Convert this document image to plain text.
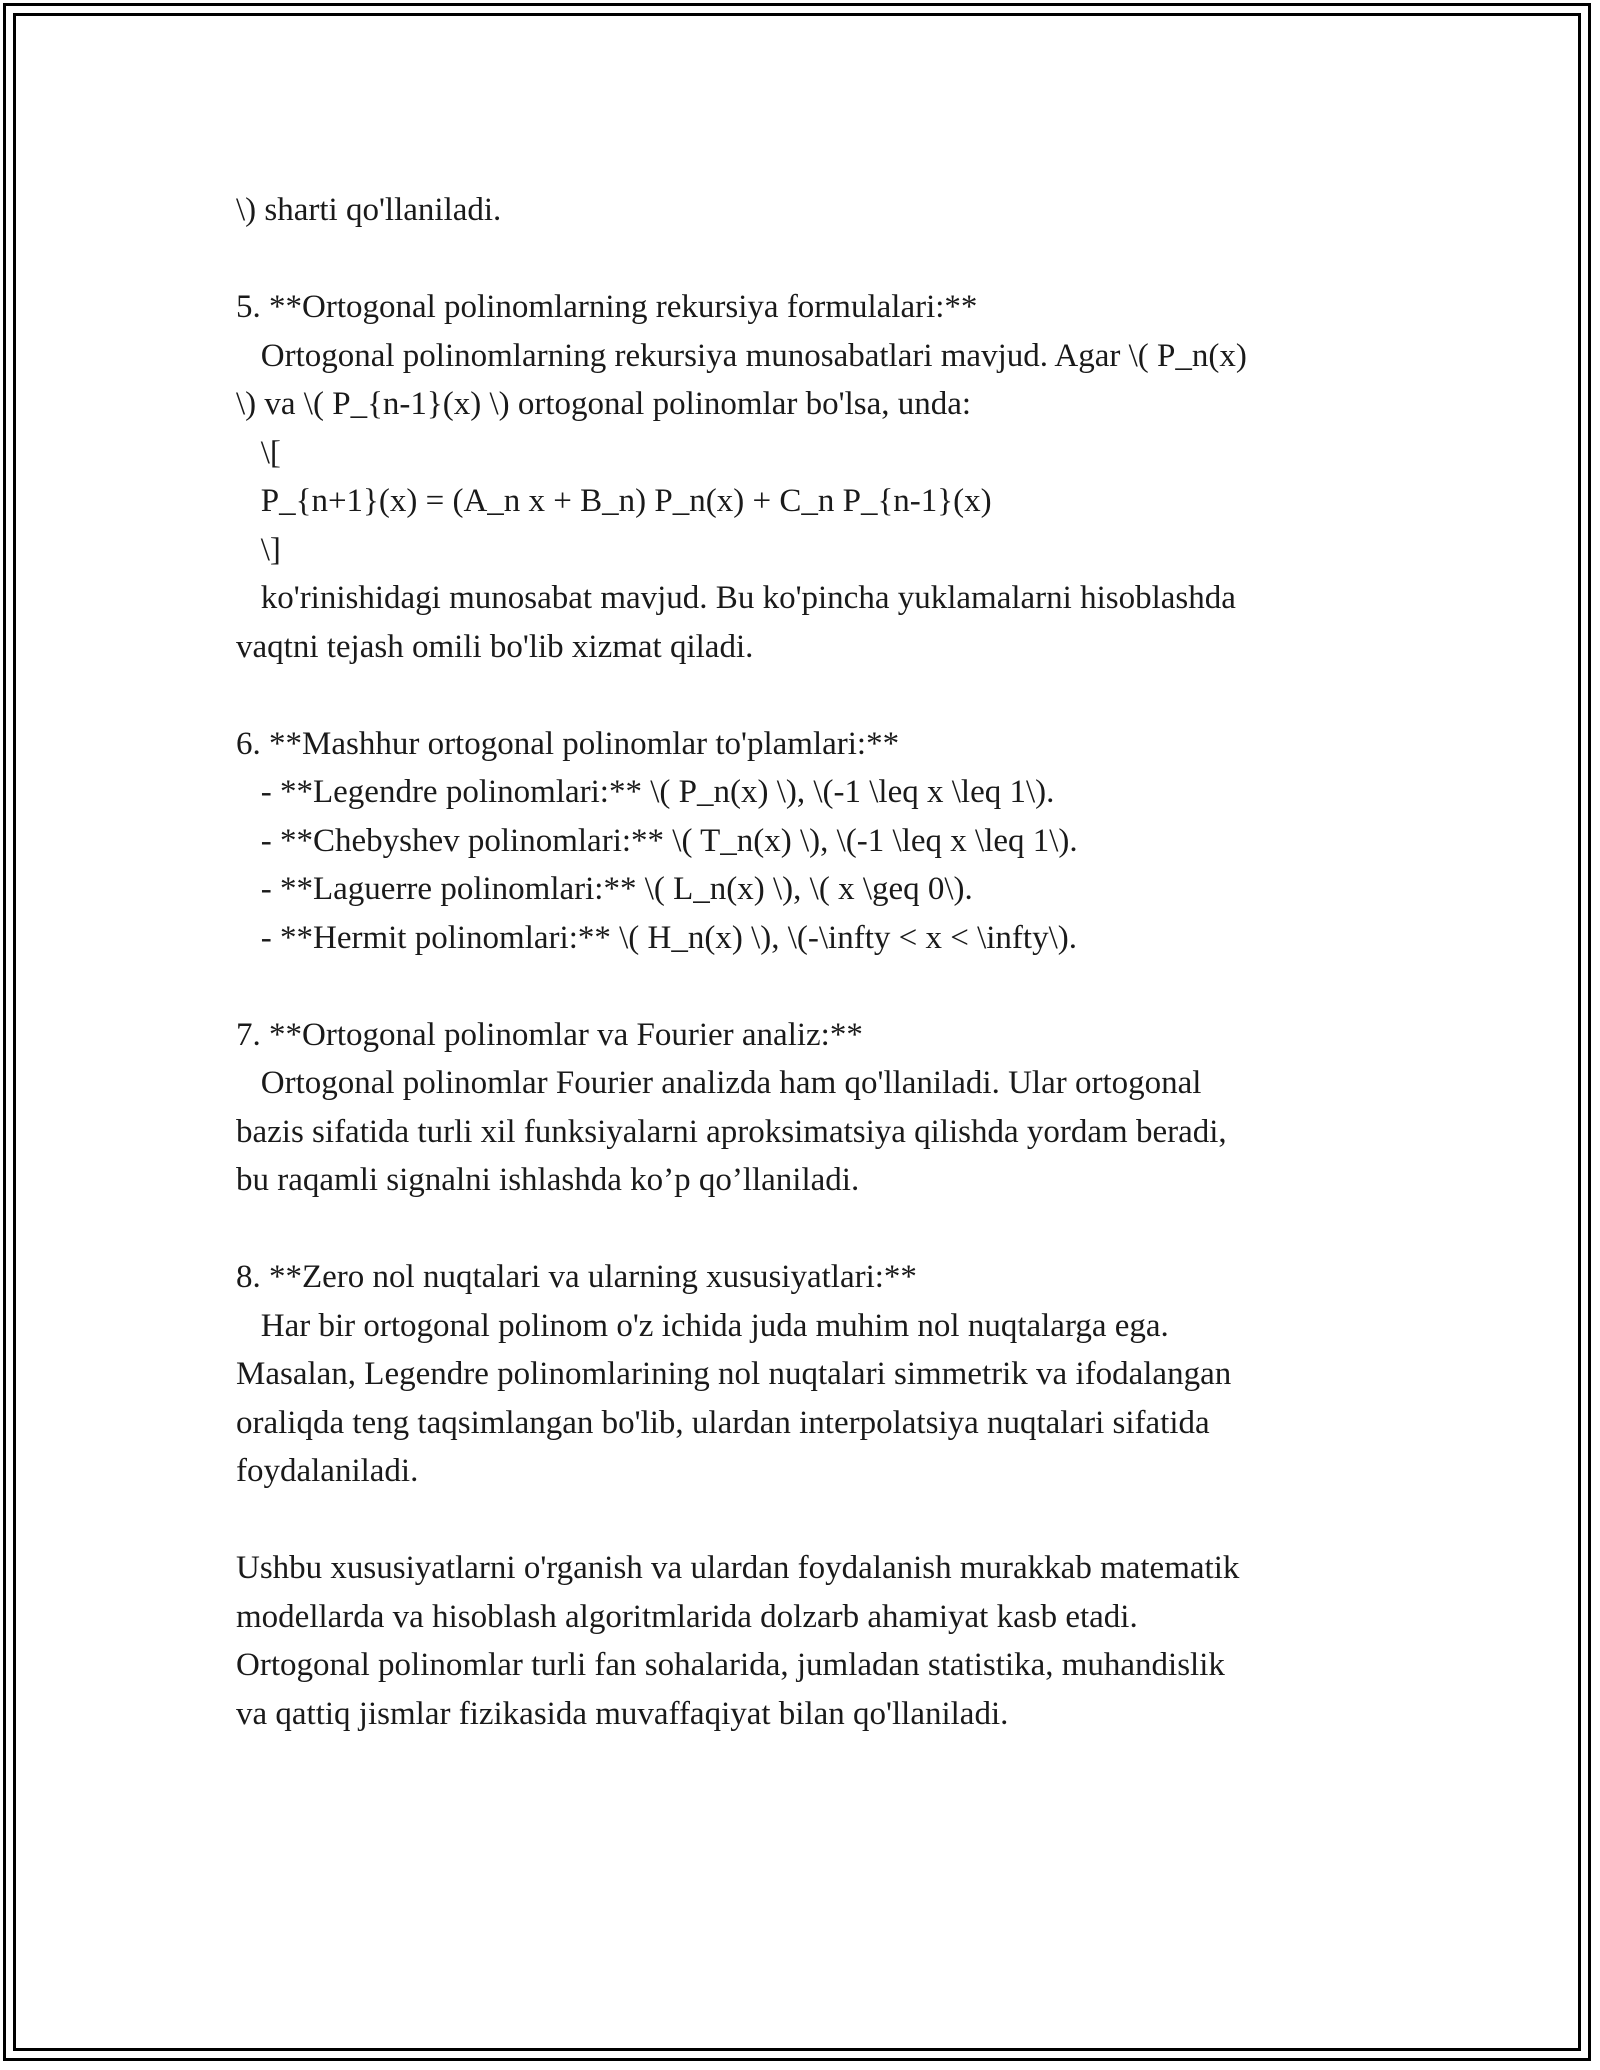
\) sharti qo'llaniladi.
5. **Ortogonal polinomlarning rekursiya formulalari:**
Ortogonal polinomlarning rekursiya munosabatlari mavjud. Agar \( P_n(x)
\) va \( P_{n-1}(x) \) ortogonal polinomlar bo'lsa, unda:
\[
P_{n+1}(x) = (A_n x + B_n) P_n(x) + C_n P_{n-1}(x)
\]
ko'rinishidagi munosabat mavjud. Bu ko'pincha yuklamalarni hisoblashda
vaqtni tejash omili bo'lib xizmat qiladi.
6. **Mashhur ortogonal polinomlar to'plamlari:**
- **Legendre polinomlari:** \( P_n(x) \), \(-1 \leq x \leq 1\).
- **Chebyshev polinomlari:** \( T_n(x) \), \(-1 \leq x \leq 1\).
- **Laguerre polinomlari:** \( L_n(x) \), \( x \geq 0\).
- **Hermit polinomlari:** \( H_n(x) \), \(-\infty < x < \infty\).
7. **Ortogonal polinomlar va Fourier analiz:**
Ortogonal polinomlar Fourier analizda ham qo'llaniladi. Ular ortogonal
bazis sifatida turli xil funksiyalarni aproksimatsiya qilishda yordam beradi,
bu raqamli signalni ishlashda ko’p qo’llaniladi.
8. **Zero nol nuqtalari va ularning xususiyatlari:**
Har bir ortogonal polinom o'z ichida juda muhim nol nuqtalarga ega.
Masalan, Legendre polinomlarining nol nuqtalari simmetrik va ifodalangan
oraliqda teng taqsimlangan bo'lib, ulardan interpolatsiya nuqtalari sifatida
foydalaniladi.
Ushbu xususiyatlarni o'rganish va ulardan foydalanish murakkab matematik
modellarda va hisoblash algoritmlarida dolzarb ahamiyat kasb etadi.
Ortogonal polinomlar turli fan sohalarida, jumladan statistika, muhandislik
va qattiq jismlar fizikasida muvaffaqiyat bilan qo'llaniladi.
